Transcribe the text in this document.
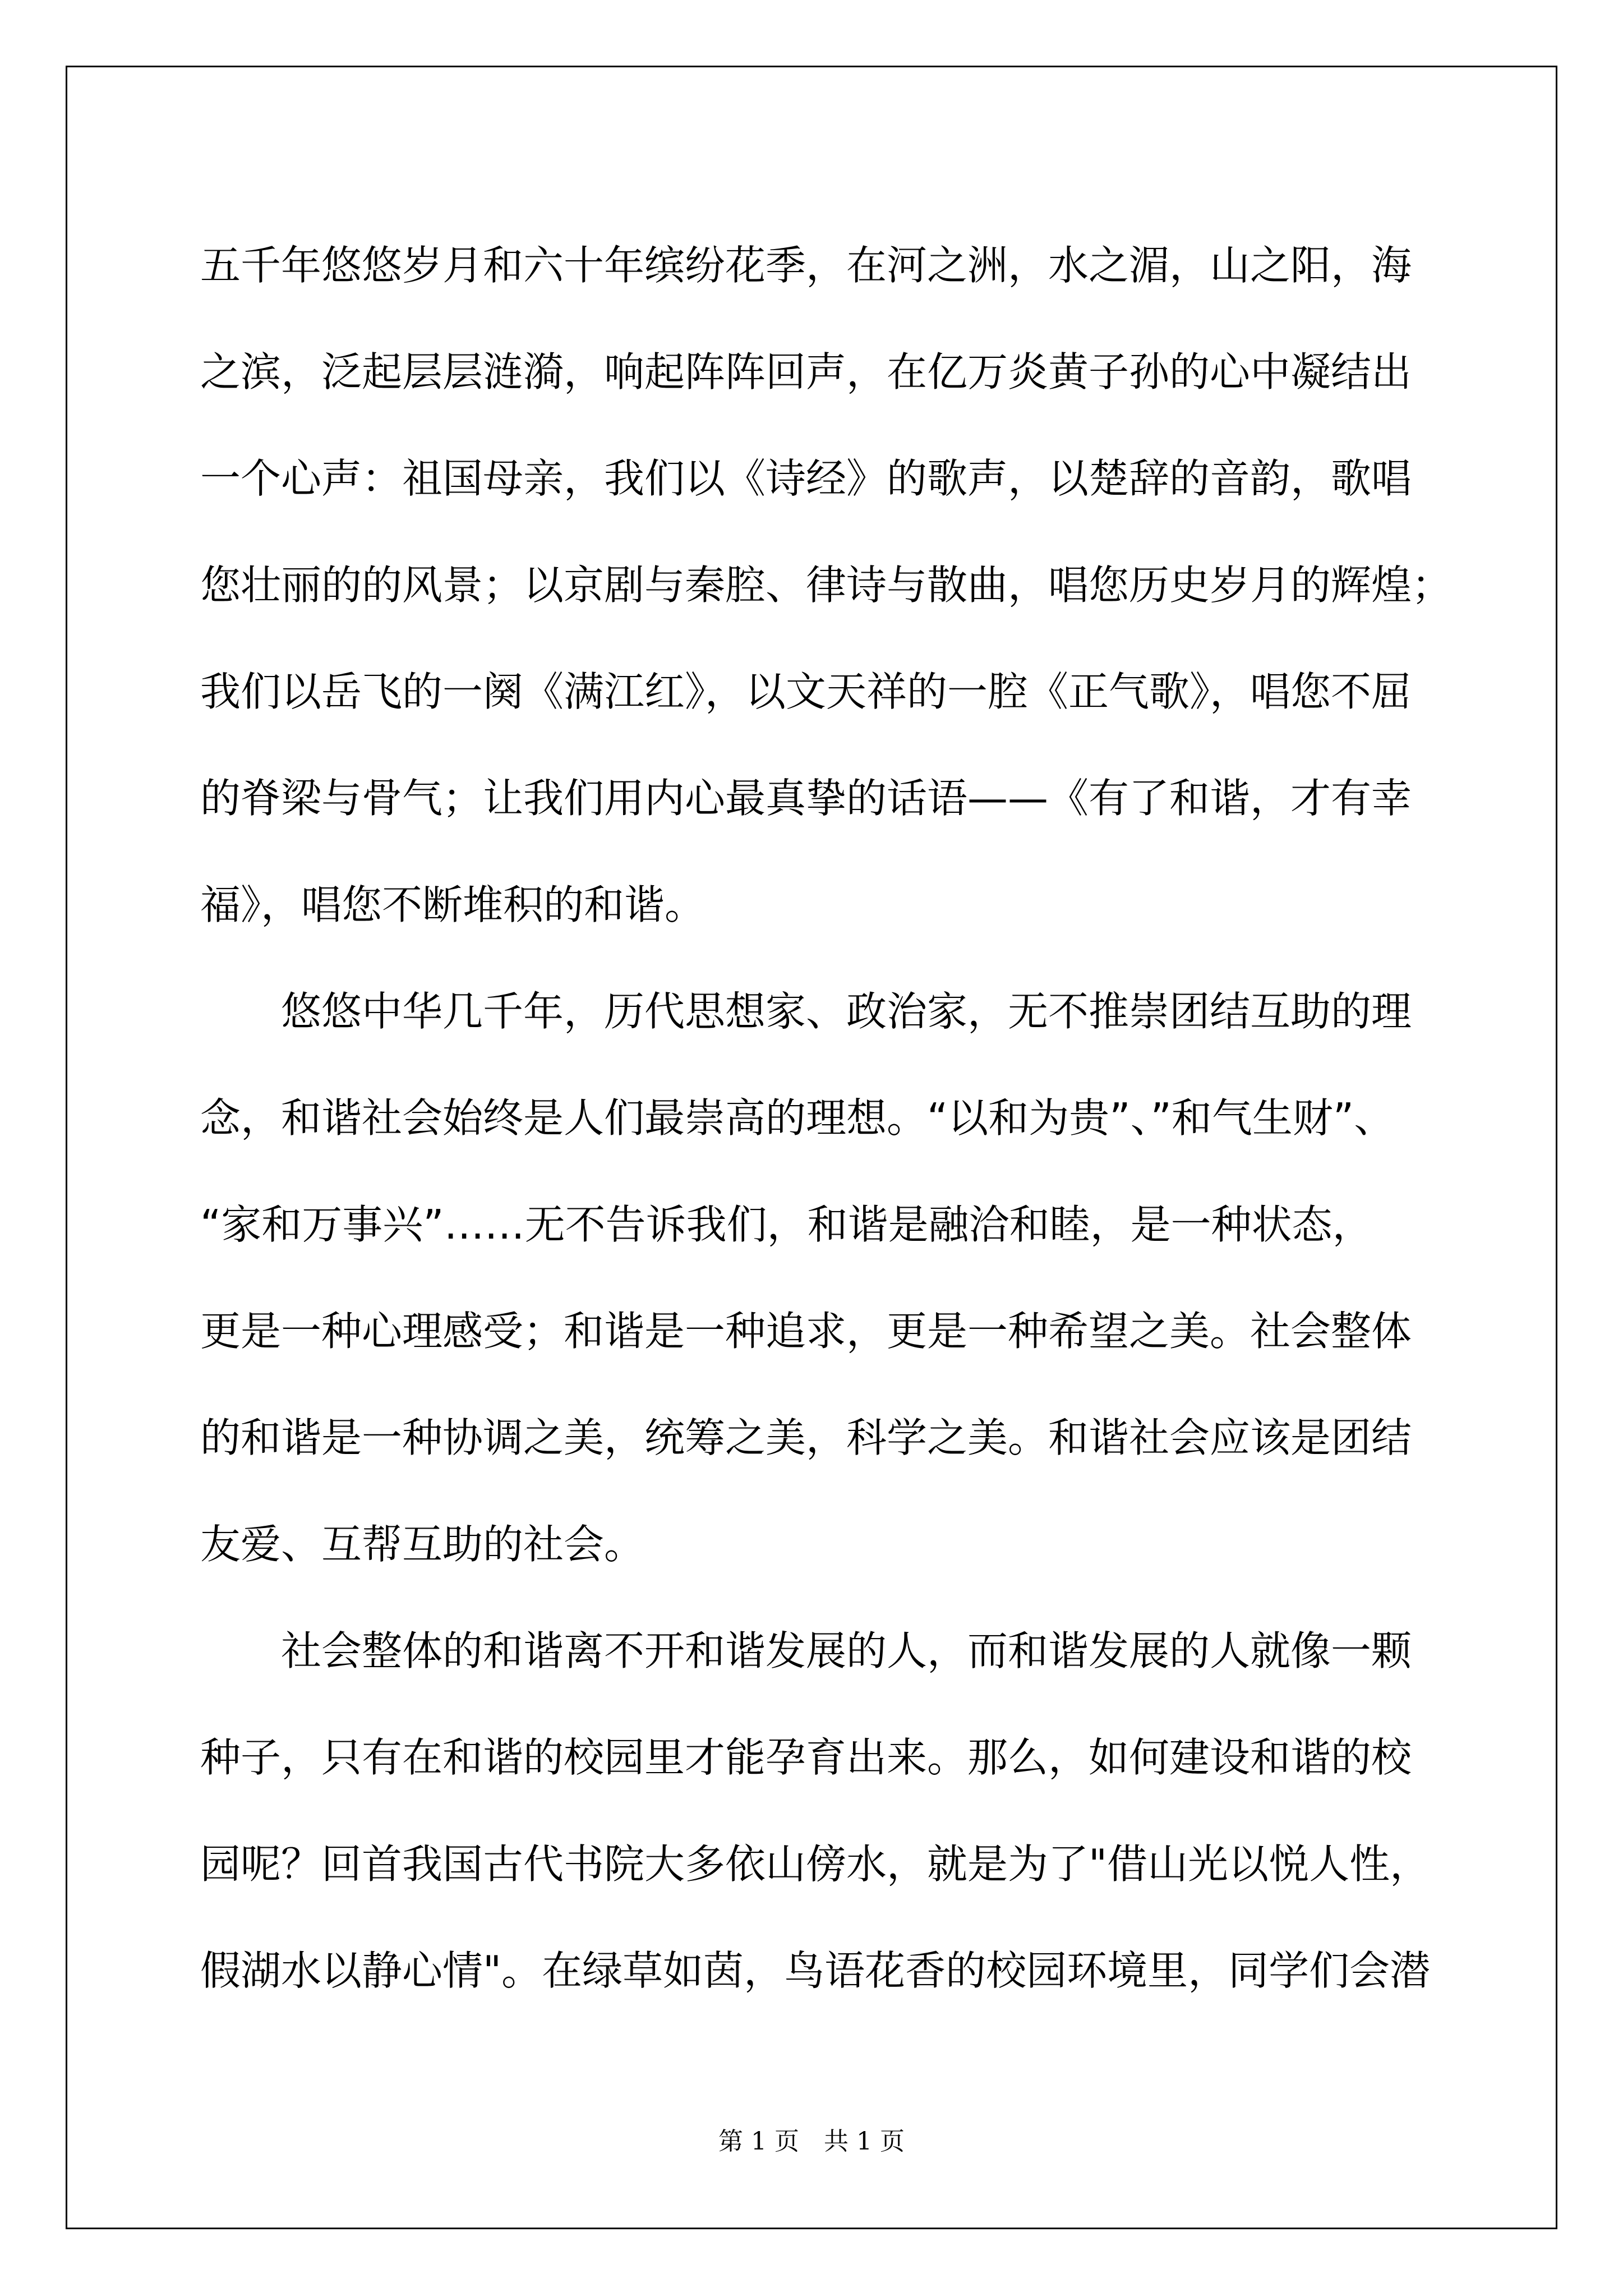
五千年悠悠岁月和六十年缤纷花季，在河之洲，水之湄，山之阳，海
之滨，泛起层层涟漪，响起阵阵回声，在亿万炎黄子孙的心中凝结出
一个心声：祖国母亲，我们以《诗经》的歌声，以楚辞的音韵，歌唱
您壮丽的的风景；以京剧与秦腔、律诗与散曲，唱您历史岁月的辉煌；
我们以岳飞的一阕《满江红》，以文天祥的一腔《正气歌》，唱您不屈
的脊梁与骨气；让我们用内心最真挚的话语——《有了和谐，才有幸
福》，唱您不断堆积的和谐。
悠悠中华几千年，历代思想家、政治家，无不推崇团结互助的理
念，和谐社会始终是人们最崇高的理想。“以和为贵”、”和气生财”、
“家和万事兴”……无不告诉我们，和谐是融洽和睦，是一种状态，
更是一种心理感受；和谐是一种追求，更是一种希望之美。社会整体
的和谐是一种协调之美，统筹之美，科学之美。和谐社会应该是团结
友爱、互帮互助的社会。
社会整体的和谐离不开和谐发展的人，而和谐发展的人就像一颗
种子，只有在和谐的校园里才能孕育出来。那么，如何建设和谐的校
园呢？回首我国古代书院大多依山傍水，就是为了"借山光以悦人性，
假湖水以静心情"。在绿草如茵，鸟语花香的校园环境里，同学们会潜
第 1 页　共 1 页
